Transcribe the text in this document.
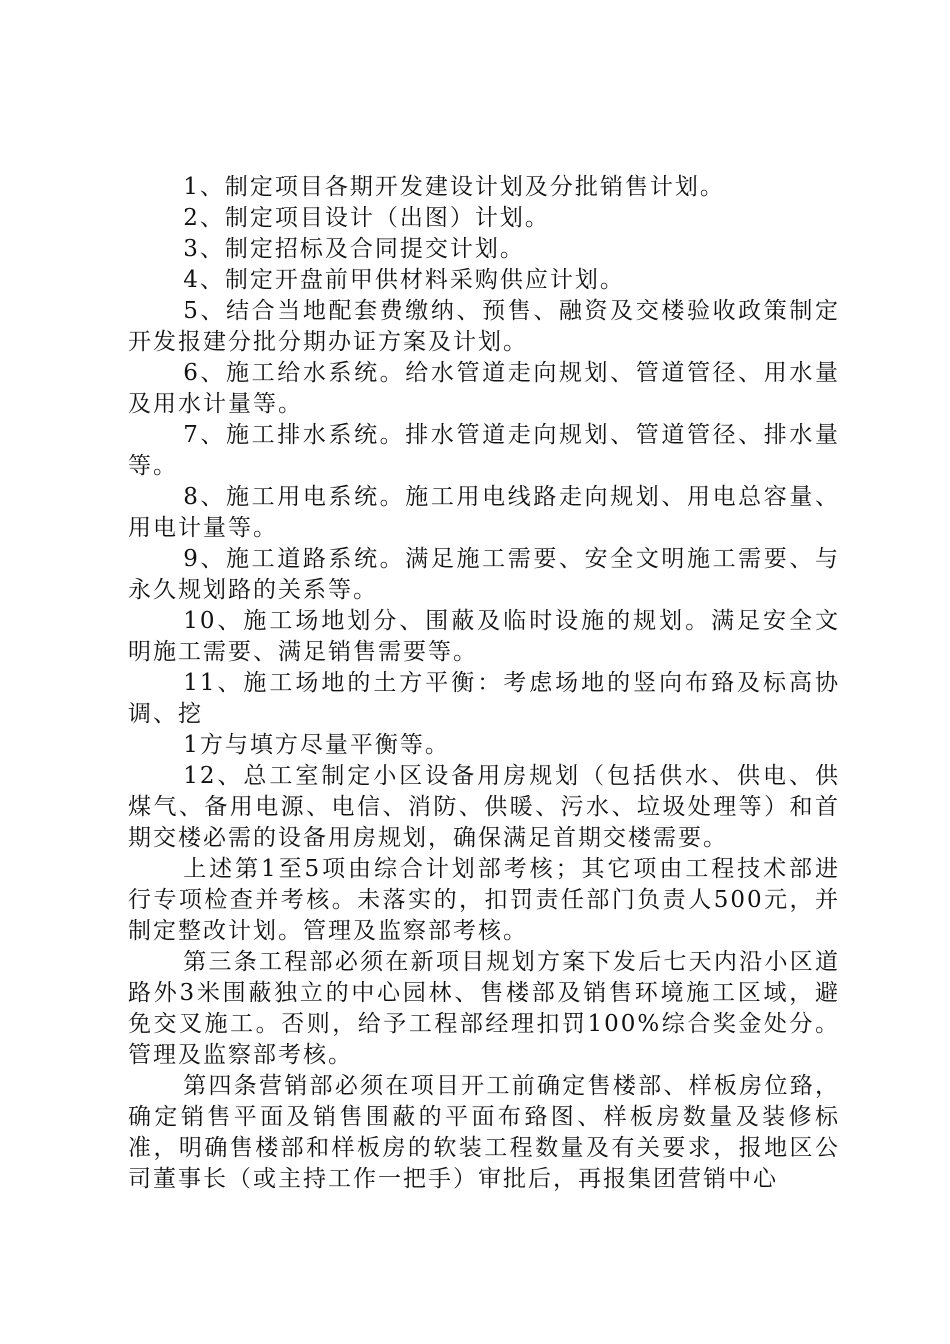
1、制定项目各期开发建设计划及分批销售计划。

2、制定项目设计（出图）计划。

3、制定招标及合同提交计划。

4、制定开盘前甲供材料采购供应计划。

5、结合当地配套费缴纳、预售、融资及交楼验收政策制定开发报建分批分期办证方案及计划。

6、施工给水系统。给水管道走向规划、管道管径、用水量及用水计量等。

7、施工排水系统。排水管道走向规划、管道管径、排水量等。

8、施工用电系统。施工用电线路走向规划、用电总容量、用电计量等。

9、施工道路系统。满足施工需要、安全文明施工需要、与永久规划路的关系等。

10、施工场地划分、围蔽及临时设施的规划。满足安全文明施工需要、满足销售需要等。

11、施工场地的土方平衡：考虑场地的竖向布臵及标高协调、挖

1方与填方尽量平衡等。

12、总工室制定小区设备用房规划（包括供水、供电、供煤气、备用电源、电信、消防、供暖、污水、垃圾处理等）和首期交楼必需的设备用房规划，确保满足首期交楼需要。

上述第1至5项由综合计划部考核；其它项由工程技术部进行专项检查并考核。未落实的，扣罚责任部门负责人500元，并制定整改计划。管理及监察部考核。

第三条工程部必须在新项目规划方案下发后七天内沿小区道路外3米围蔽独立的中心园林、售楼部及销售环境施工区域，避免交叉施工。否则，给予工程部经理扣罚100%综合奖金处分。管理及监察部考核。

第四条营销部必须在项目开工前确定售楼部、样板房位臵，确定销售平面及销售围蔽的平面布臵图、样板房数量及装修标准，明确售楼部和样板房的软装工程数量及有关要求，报地区公司董事长（或主持工作一把手）审批后，再报集团营销中心
